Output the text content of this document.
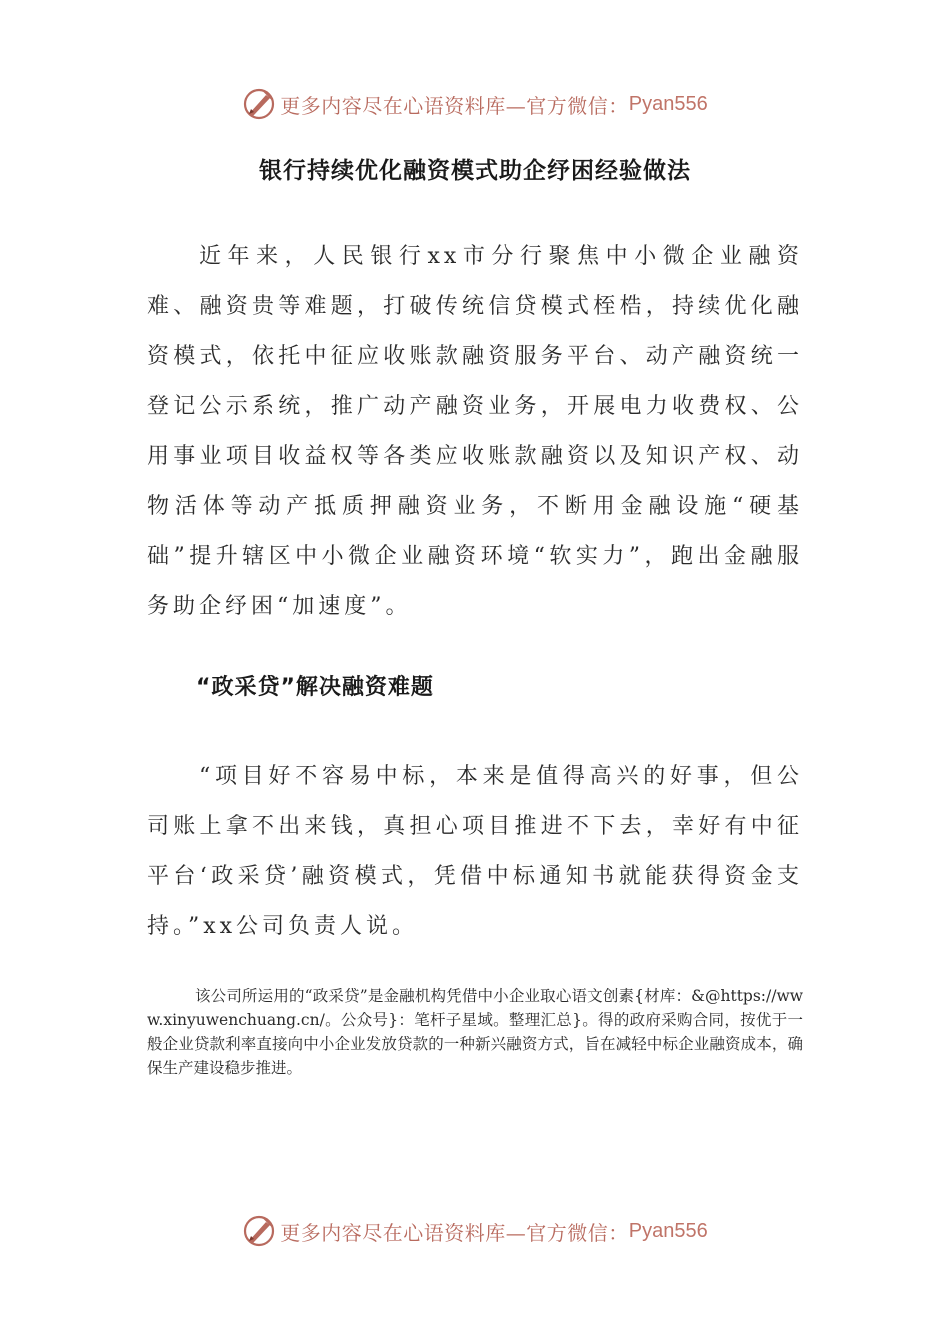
更多内容尽在心语资料库—官方微信： Pyan556
银行持续优化融资模式助企纾困经验做法

近年来，人民银行xx市分行聚焦中小微企业融资难、融资贵等难题，打破传统信贷模式桎梏，持续优化融资模式，依托中征应收账款融资服务平台、动产融资统一登记公示系统，推广动产融资业务，开展电力收费权、公用事业项目收益权等各类应收账款融资以及知识产权、动物活体等动产抵质押融资业务，不断用金融设施“硬基础”提升辖区中小微企业融资环境“软实力”，跑出金融服务助企纾困“加速度”。

“政采贷”解决融资难题

“项目好不容易中标，本来是值得高兴的好事，但公司账上拿不出来钱，真担心项目推进不下去，幸好有中征平台‘政采贷’融资模式，凭借中标通知书就能获得资金支持。”xx公司负责人说。

该公司所运用的“政采贷”是金融机构凭借中小企业取心语文创素{材库：&@https://www.xinyuwenchuang.cn/。公众号}：笔杆子星域。整理汇总}。得的政府采购合同，按优于一般企业贷款利率直接向中小企业发放贷款的一种新兴融资方式，旨在减轻中标企业融资成本，确保生产建设稳步推进。

更多内容尽在心语资料库—官方微信： Pyan556
